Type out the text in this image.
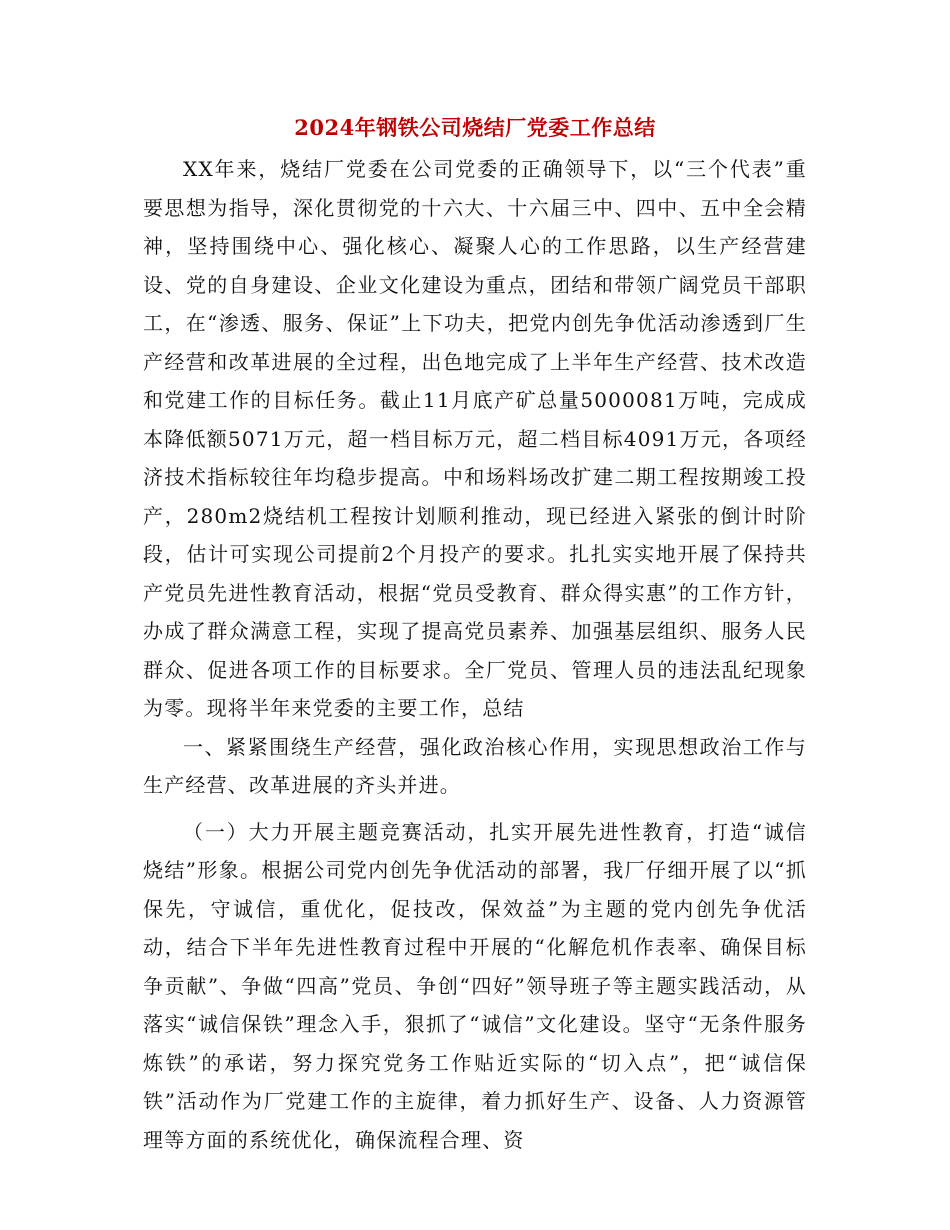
2024年钢铁公司烧结厂党委工作总结

XX年来，烧结厂党委在公司党委的正确领导下，以“三个代表”重要思想为指导，深化贯彻党的十六大、十六届三中、四中、五中全会精神，坚持围绕中心、强化核心、凝聚人心的工作思路，以生产经营建设、党的自身建设、企业文化建设为重点，团结和带领广阔党员干部职工，在“渗透、服务、保证”上下功夫，把党内创先争优活动渗透到厂生产经营和改革进展的全过程，出色地完成了上半年生产经营、技术改造和党建工作的目标任务。截止11月底产矿总量5000081万吨，完成成本降低额5071万元，超一档目标万元，超二档目标4091万元，各项经济技术指标较往年均稳步提高。中和场料场改扩建二期工程按期竣工投产，280m2烧结机工程按计划顺利推动，现已经进入紧张的倒计时阶段，估计可实现公司提前2个月投产的要求。扎扎实实地开展了保持共产党员先进性教育活动，根据“党员受教育、群众得实惠”的工作方针，办成了群众满意工程，实现了提高党员素养、加强基层组织、服务人民群众、促进各项工作的目标要求。全厂党员、管理人员的违法乱纪现象为零。现将半年来党委的主要工作，总结

一、紧紧围绕生产经营，强化政治核心作用，实现思想政治工作与生产经营、改革进展的齐头并进。

（一）大力开展主题竞赛活动，扎实开展先进性教育，打造“诚信烧结”形象。根据公司党内创先争优活动的部署，我厂仔细开展了以“抓保先，守诚信，重优化，促技改，保效益”为主题的党内创先争优活动，结合下半年先进性教育过程中开展的“化解危机作表率、确保目标争贡献”、争做“四高”党员、争创“四好”领导班子等主题实践活动，从落实“诚信保铁”理念入手，狠抓了“诚信”文化建设。坚守“无条件服务炼铁”的承诺，努力探究党务工作贴近实际的“切入点”，把“诚信保铁”活动作为厂党建工作的主旋律，着力抓好生产、设备、人力资源管理等方面的系统优化，确保流程合理、资
